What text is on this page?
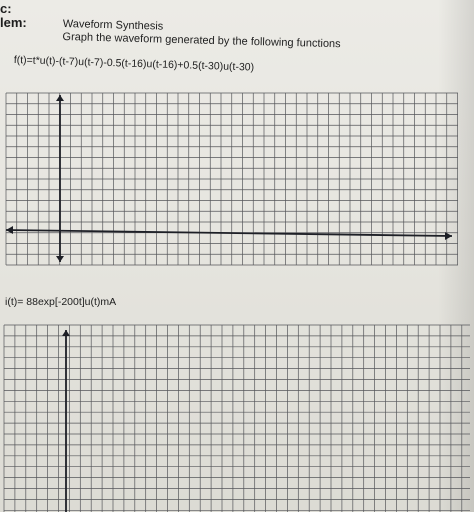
c:
lem:	Waveform Synthesis
Graph the waveform generated by the following functions
f(t)=t*u(t)-(t-7)u(t-7)-0.5(t-16)u(t-16)+0.5(t-30)u(t-30)
i(t)= 88exp[-200t]u(t)mA
